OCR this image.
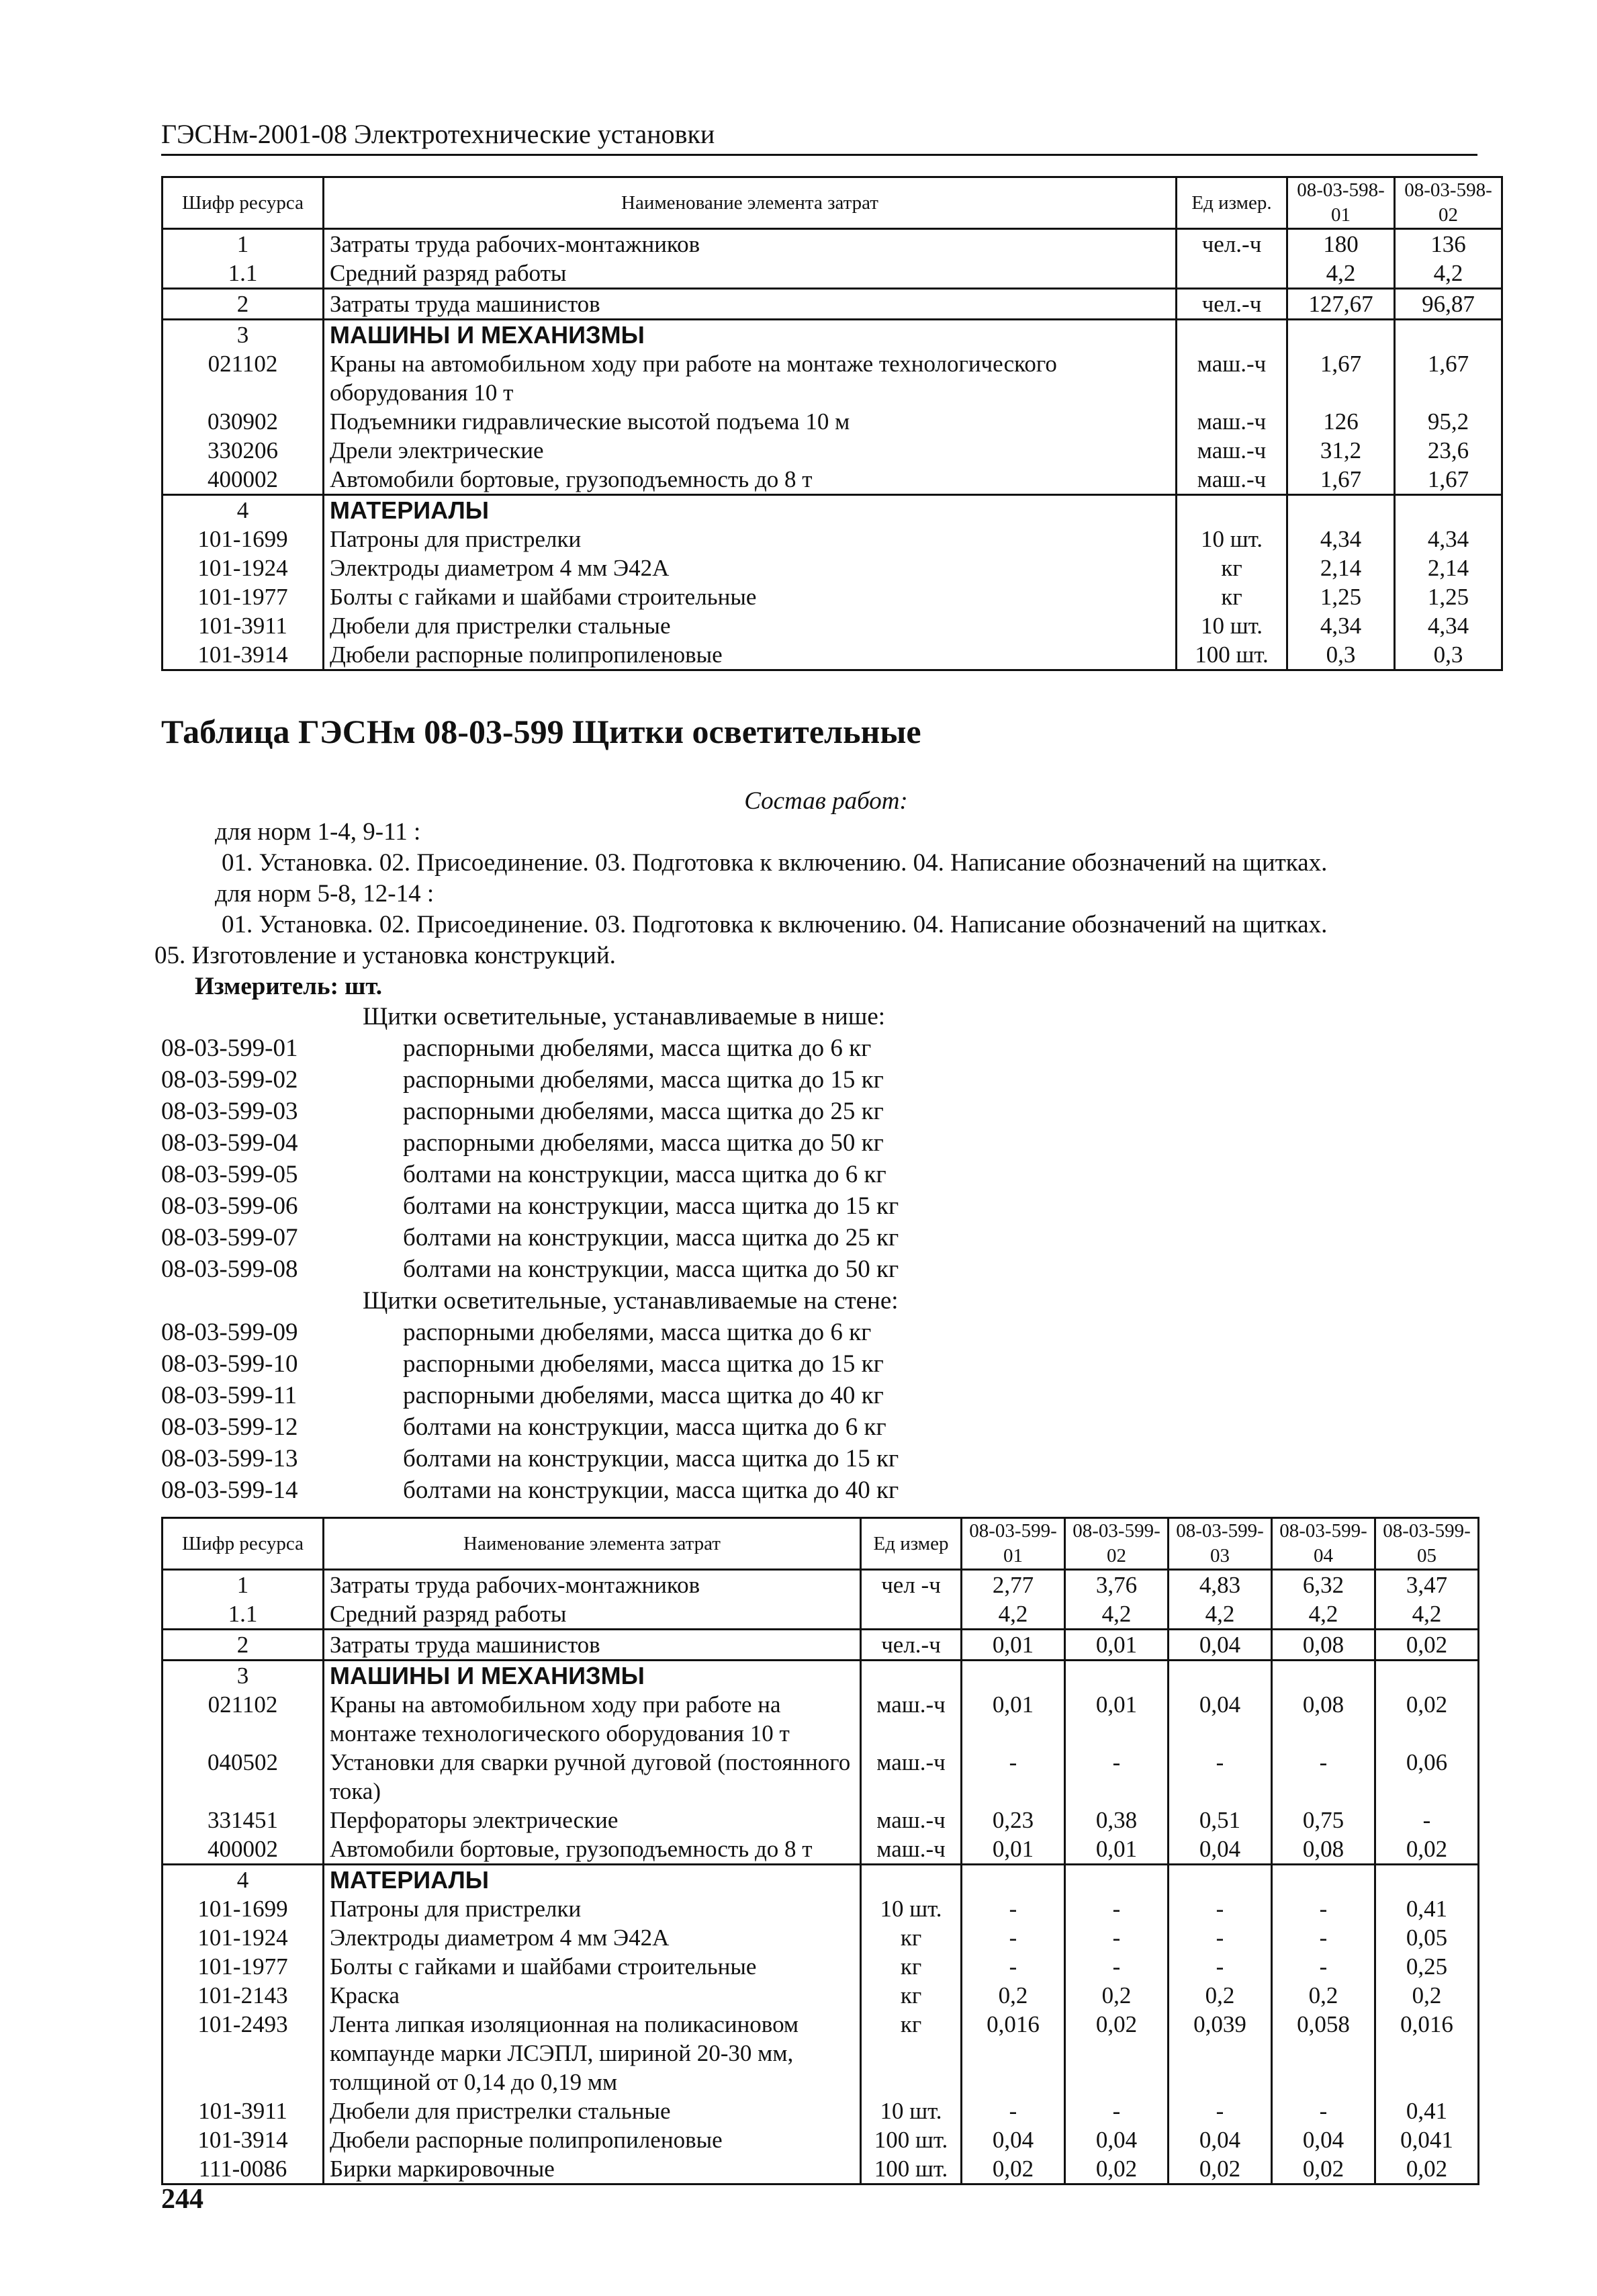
ГЭСНм-2001-08 Электротехнические установки
Шифр ресурса	Наименование элемента затрат	Ед измер.	08-03-598-01	08-03-598-02
1	Затраты труда рабочих-монтажников	чел.-ч	180	136
1.1	Средний разряд работы		4,2	4,2
2	Затраты труда машинистов	чел.-ч	127,67	96,87
3	МАШИНЫ И МЕХАНИЗМЫ			
021102	Краны на автомобильном ходу при работе на монтаже технологического оборудования 10 т	маш.-ч	1,67	1,67
030902	Подъемники гидравлические высотой подъема 10 м	маш.-ч	126	95,2
330206	Дрели электрические	маш.-ч	31,2	23,6
400002	Автомобили бортовые, грузоподъемность до 8 т	маш.-ч	1,67	1,67
4	МАТЕРИАЛЫ			
101-1699	Патроны для пристрелки	10 шт.	4,34	4,34
101-1924	Электроды диаметром 4 мм Э42А	кг	2,14	2,14
101-1977	Болты с гайками и шайбами строительные	кг	1,25	1,25
101-3911	Дюбели для пристрелки стальные	10 шт.	4,34	4,34
101-3914	Дюбели распорные полипропиленовые	100 шт.	0,3	0,3
Таблица ГЭСНм 08-03-599 Щитки осветительные
Состав работ:
для норм 1-4, 9-11 :
01. Установка. 02. Присоединение. 03. Подготовка к включению. 04. Написание обозначений на щитках.
для норм 5-8, 12-14 :
01. Установка. 02. Присоединение. 03. Подготовка к включению. 04. Написание обозначений на щитках.
05. Изготовление и установка конструкций.
Измеритель: шт.
Щитки осветительные, устанавливаемые в нише:
08-03-599-01	распорными дюбелями, масса щитка до 6 кг
08-03-599-02	распорными дюбелями, масса щитка до 15 кг
08-03-599-03	распорными дюбелями, масса щитка до 25 кг
08-03-599-04	распорными дюбелями, масса щитка до 50 кг
08-03-599-05	болтами на конструкции, масса щитка до 6 кг
08-03-599-06	болтами на конструкции, масса щитка до 15 кг
08-03-599-07	болтами на конструкции, масса щитка до 25 кг
08-03-599-08	болтами на конструкции, масса щитка до 50 кг
Щитки осветительные, устанавливаемые на стене:
08-03-599-09	распорными дюбелями, масса щитка до 6 кг
08-03-599-10	распорными дюбелями, масса щитка до 15 кг
08-03-599-11	распорными дюбелями, масса щитка до 40 кг
08-03-599-12	болтами на конструкции, масса щитка до 6 кг
08-03-599-13	болтами на конструкции, масса щитка до 15 кг
08-03-599-14	болтами на конструкции, масса щитка до 40 кг
Шифр ресурса	Наименование элемента затрат	Ед измер	08-03-599-01	08-03-599-02	08-03-599-03	08-03-599-04	08-03-599-05
1	Затраты труда рабочих-монтажников	чел -ч	2,77	3,76	4,83	6,32	3,47
1.1	Средний разряд работы		4,2	4,2	4,2	4,2	4,2
2	Затраты труда машинистов	чел.-ч	0,01	0,01	0,04	0,08	0,02
3	МАШИНЫ И МЕХАНИЗМЫ						
021102	Краны на автомобильном ходу при работе на монтаже технологического оборудования 10 т	маш.-ч	0,01	0,01	0,04	0,08	0,02
040502	Установки для сварки ручной дуговой (постоянного тока)	маш.-ч	-	-	-	-	0,06
331451	Перфораторы электрические	маш.-ч	0,23	0,38	0,51	0,75	-
400002	Автомобили бортовые, грузоподъемность до 8 т	маш.-ч	0,01	0,01	0,04	0,08	0,02
4	МАТЕРИАЛЫ						
101-1699	Патроны для пристрелки	10 шт.	-	-	-	-	0,41
101-1924	Электроды диаметром 4 мм Э42А	кг	-	-	-	-	0,05
101-1977	Болты с гайками и шайбами строительные	кг	-	-	-	-	0,25
101-2143	Краска	кг	0,2	0,2	0,2	0,2	0,2
101-2493	Лента липкая изоляционная на поликасиновом компаунде марки ЛСЭПЛ, шириной 20-30 мм, толщиной от 0,14 до 0,19 мм	кг	0,016	0,02	0,039	0,058	0,016
101-3911	Дюбели для пристрелки стальные	10 шт.	-	-	-	-	0,41
101-3914	Дюбели распорные полипропиленовые	100 шт.	0,04	0,04	0,04	0,04	0,041
111-0086	Бирки маркировочные	100 шт.	0,02	0,02	0,02	0,02	0,02
244
